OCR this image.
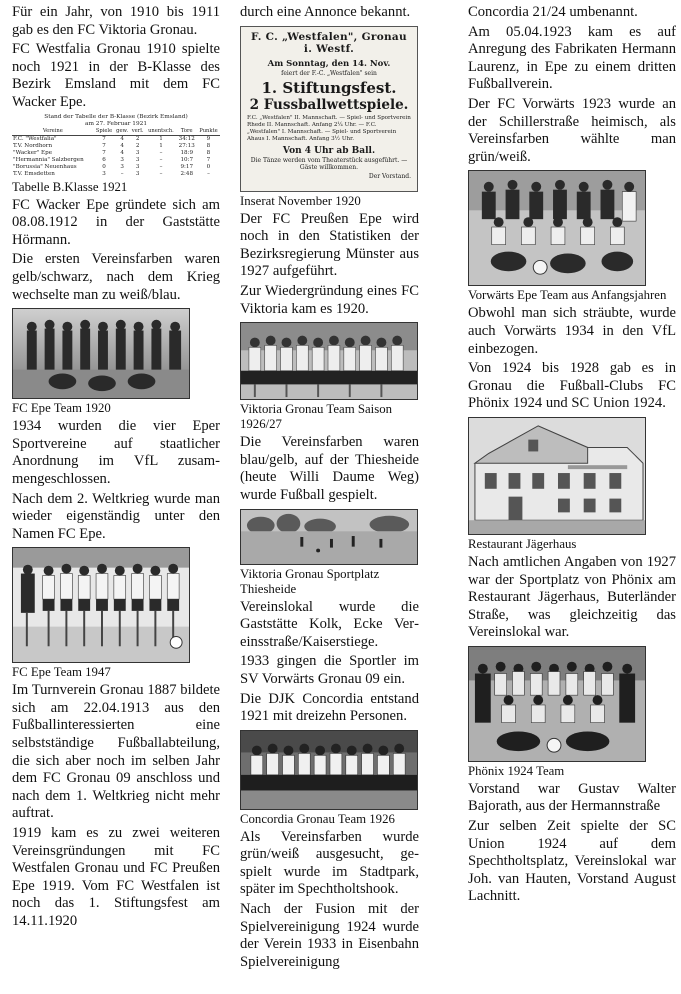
Für ein Jahr, von 1910 bis 1911 gab es den FC Viktoria Gronau.

FC Westfalia Gronau 1910 spielte noch 1921 in der B-Klasse des Bezirk Emsland mit dem FC Wacker Epe.

Stand der Tabelle der B-Klasse (Bezirk Emsland)
am 27. Februar 1921
Vereine	Spiele	gew.	verl.	unentsch.	Tore	Punkte
F.C. "Westfalia"	7	4	2	1	34:12	9
T.V. Nordhorn	7	4	2	1	27:13	8
"Wacker" Epe	7	4	3	–	18:9	8
"Hermannia" Salzbergen	6	3	3	–	10:7	7
"Borussia" Neuenhaus	0	3	3	–	9:17	0
T.V. Emsdetten	3	–	3	–	2:48	–
Tabelle B.Klasse 1921

FC Wacker Epe gründete sich am 08.08.1912 in der Gaststätte Hörmann.

Die ersten Vereinsfarben waren gelb/schwarz, nach dem Krieg wechselte man zu weiß/blau.

FC Epe Team 1920

1934 wurden die vier Eper Sportvereine auf staatlicher Anordnung im VfL zusammengeschlossen.

Nach dem 2. Weltkrieg wurde man wieder eigenständig unter den Namen FC Epe.

FC Epe Team 1947

Im Turnverein Gronau 1887 bildete sich am 22.04.1913 aus den Fußballinteressierten eine selbstständige Fußballabteilung, die sich aber noch im selben Jahr dem FC Gronau 09 anschloss und nach dem 1. Weltkrieg nicht mehr auftrat.

1919 kam es zu zwei weiteren Vereinsgründungen mit FC Westfalen Gronau und FC Preußen Epe 1919. Vom FC Westfalen ist noch das 1. Stiftungsfest am 14.11.1920

durch eine Annonce bekannt.

F. C. „Westfalen", Gronau i. Westf.
Am Sonntag, den 14. Nov.
feiert der F.-C. „Westfalen" sein
1. Stiftungsfest.
2 Fussballwettspiele.
F.C. „Westfalen" II. Mannschaft. — Spiel- und Sportverein Rhede II. Mannschaft. Anfang 2¼ Uhr. — F.C. „Westfalen" I. Mannschaft. — Spiel- und Sportverein Ahaus I. Mannschaft. Anfang 3½ Uhr.
Von 4 Uhr ab Ball.
Die Tänze werden vom Theaterstück ausgeführt. — Gäste willkommen.
Der Vorstand.
Inserat November 1920

Der FC Preußen Epe wird noch in den Statistiken der Bezirksregierung Münster aus 1927 aufgeführt.

Zur Wiedergründung eines FC Viktoria kam es 1920.

Viktoria Gronau Team Saison 1926/27

Die Vereinsfarben waren blau/gelb, auf der Thiesheide (heute Willi Daume Weg) wurde Fußball gespielt.

Viktoria Gronau Sportplatz Thiesheide

Vereinslokal wurde die Gaststätte Kolk, Ecke Vereinsstraße/Kaiserstiege.

1933 gingen die Sportler im SV Vorwärts Gronau 09 ein.

Die DJK Concordia entstand 1921 mit dreizehn Personen.

Concordia Gronau Team 1926

Als Vereinsfarben wurde grün/weiß ausgesucht, gespielt wurde im Stadtpark, später im Spechtholtshook.

Nach der Fusion mit der Spielvereinigung 1924 wurde der Verein 1933 in Eisenbahn Spielvereinigung

Concordia 21/24 umbenannt.

Am 05.04.1923 kam es auf Anregung des Fabrikaten Hermann Laurenz, in Epe zu einem dritten Fußballverein.

Der FC Vorwärts 1923 wurde an der Schillerstraße heimisch, als Vereinsfarben wählte man grün/weiß.

Vorwärts Epe Team aus Anfangsjahren

Obwohl man sich sträubte, wurde auch Vorwärts 1934 in den VfL einbezogen.

Von 1924 bis 1928 gab es in Gronau die Fußball-Clubs FC Phönix 1924 und SC Union 1924.

Restaurant Jägerhaus

Nach amtlichen Angaben von 1927 war der Sportplatz von Phönix am Restaurant Jägerhaus, Buterländer Straße, was gleichzeitig das Vereinslokal war.

Phönix 1924 Team

Vorstand war Gustav Walter Bajorath, aus der Hermannstraße

Zur selben Zeit spielte der SC Union 1924 auf dem Spechtholtsplatz, Vereinslokal war Joh. van Hauten, Vorstand August Lachnitt.
